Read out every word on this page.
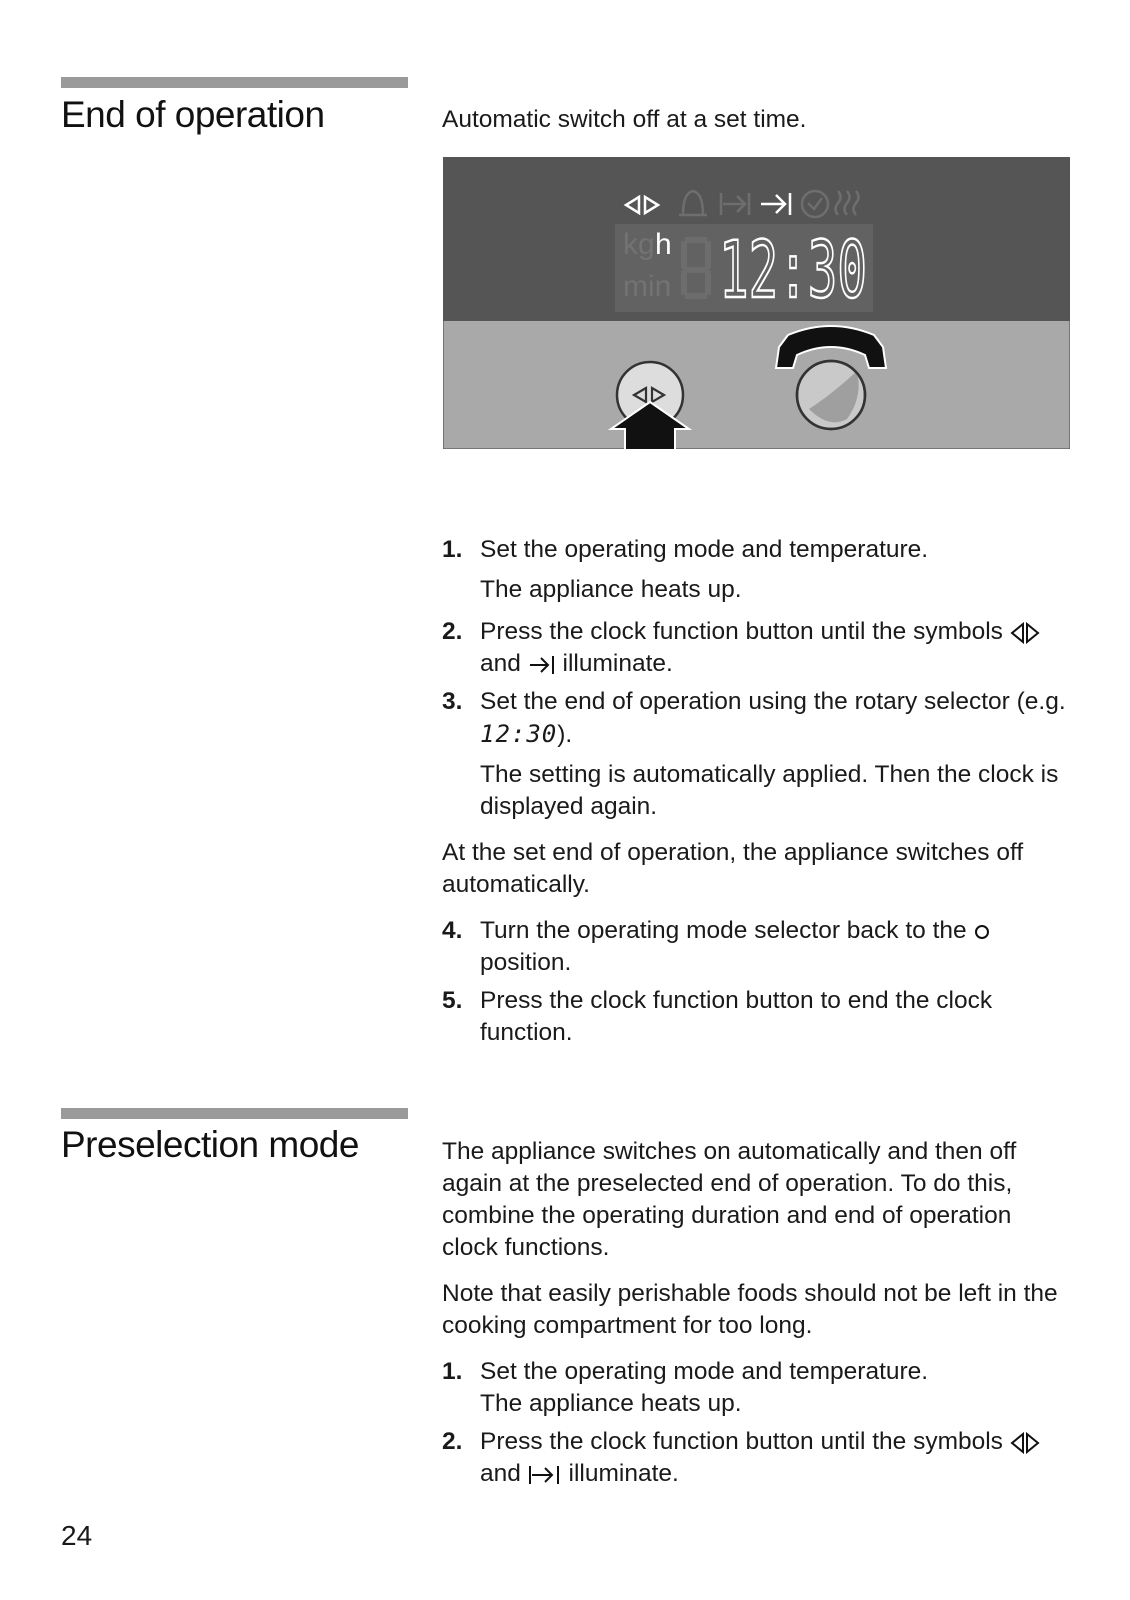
End of operation	Automatic switch off at a set time.

kg h
min 12:30
1. Set the operating mode and temperature.
The appliance heats up.
2. Press the clock function button until the symbols  and illuminate.
3. Set the end of operation using the rotary selector (e.g. 12:30).
The setting is automatically applied. Then the clock is displayed again.

At the set end of operation, the appliance switches off automatically.

4. Turn the operating mode selector back to the  position.
5. Press the clock function button to end the clock function.
Preselection mode	The appliance switches on automatically and then off again at the preselected end of operation. To do this, combine the operating duration and end of operation clock functions.

Note that easily perishable foods should not be left in the cooking compartment for too long.

1. Set the operating mode and temperature.
The appliance heats up.
2. Press the clock function button until the symbols  and illuminate.
24
